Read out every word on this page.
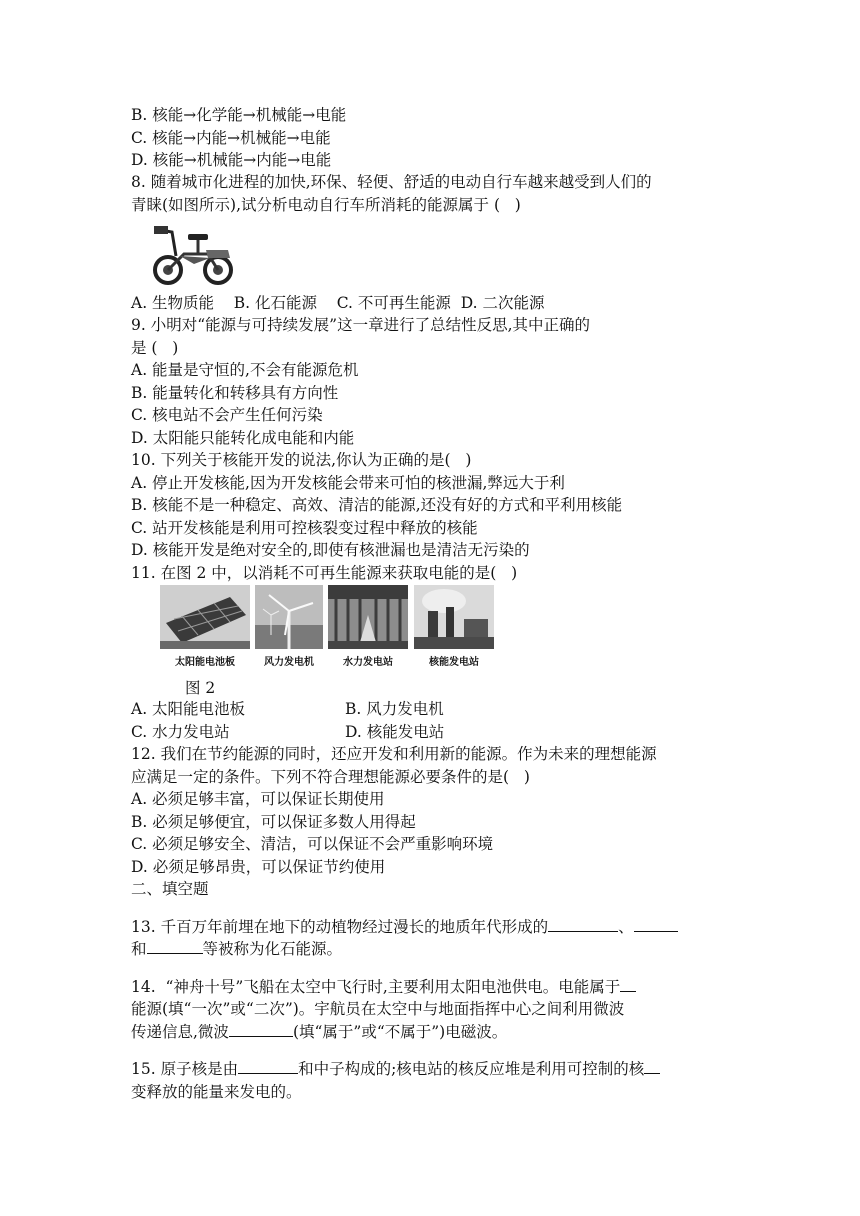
B. 核能→化学能→机械能→电能
C. 核能→内能→机械能→电能
D. 核能→机械能→内能→电能
8. 随着城市化进程的加快,环保、轻便、舒适的电动自行车越来越受到人们的
青睐(如图所示),试分析电动自行车所消耗的能源属于 (   )
A. 生物质能    B. 化石能源    C. 不可再生能源  D. 二次能源
9. 小明对“能源与可持续发展”这一章进行了总结性反思,其中正确的
是 (   )
A. 能量是守恒的,不会有能源危机
B. 能量转化和转移具有方向性
C. 核电站不会产生任何污染
D. 太阳能只能转化成电能和内能
10. 下列关于核能开发的说法,你认为正确的是(   )
A. 停止开发核能,因为开发核能会带来可怕的核泄漏,弊远大于利
B. 核能不是一种稳定、高效、清洁的能源,还没有好的方式和平利用核能
C. 站开发核能是利用可控核裂变过程中释放的核能
D. 核能开发是绝对安全的,即使有核泄漏也是清洁无污染的
11. 在图 2 中，以消耗不可再生能源来获取电能的是(   )
太阳能电池板	风力发电机	水力发电站	核能发电站
图 2
A. 太阳能电池板	B. 风力发电机
C. 水力发电站	D. 核能发电站
12. 我们在节约能源的同时，还应开发和利用新的能源。作为未来的理想能源
应满足一定的条件。下列不符合理想能源必要条件的是(   )
A. 必须足够丰富，可以保证长期使用
B. 必须足够便宜，可以保证多数人用得起
C. 必须足够安全、清洁，可以保证不会严重影响环境
D. 必须足够昂贵，可以保证节约使用
二、填空题
13. 千百万年前埋在地下的动植物经过漫长的地质年代形成的	、
和	等被称为化石能源。
14.  “神舟十号”飞船在太空中飞行时,主要利用太阳电池供电。电能属于
能源(填“一次”或“二次”)。宇航员在太空中与地面指挥中心之间利用微波
传递信息,微波	(填“属于”或“不属于”)电磁波。
15. 原子核是由	和中子构成的;核电站的核反应堆是利用可控制的核
变释放的能量来发电的。
